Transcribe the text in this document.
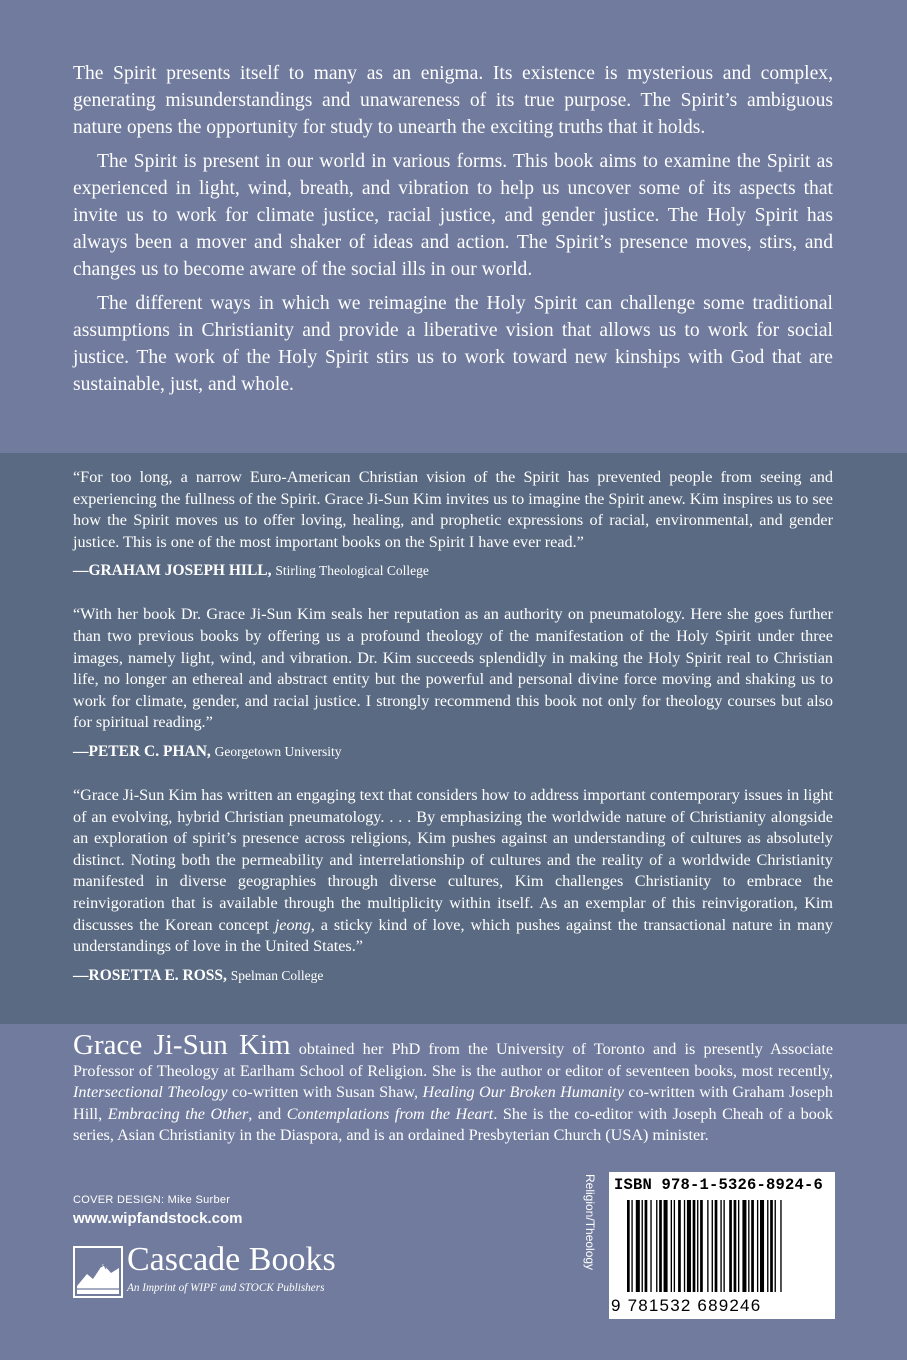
The Spirit presents itself to many as an enigma. Its existence is mysterious and complex, generating misunderstandings and unawareness of its true purpose. The Spirit’s ambiguous nature opens the opportunity for study to unearth the exciting truths that it holds.

The Spirit is present in our world in various forms. This book aims to examine the Spirit as experienced in light, wind, breath, and vibration to help us uncover some of its aspects that invite us to work for climate justice, racial justice, and gender justice. The Holy Spirit has always been a mover and shaker of ideas and action. The Spirit’s presence moves, stirs, and changes us to become aware of the social ills in our world.

The different ways in which we reimagine the Holy Spirit can challenge some traditional assumptions in Christianity and provide a liberative vision that allows us to work for social justice. The work of the Holy Spirit stirs us to work toward new kinships with God that are sustainable, just, and whole.

“For too long, a narrow Euro-American Christian vision of the Spirit has prevented people from seeing and experiencing the fullness of the Spirit. Grace Ji-Sun Kim invites us to imagine the Spirit anew. Kim inspires us to see how the Spirit moves us to offer loving, healing, and prophetic expressions of racial, environmental, and gender justice. This is one of the most important books on the Spirit I have ever read.”

—GRAHAM JOSEPH HILL, Stirling Theological College

“With her book Dr. Grace Ji-Sun Kim seals her reputation as an authority on pneumatology. Here she goes further than two previous books by offering us a profound theology of the manifestation of the Holy Spirit under three images, namely light, wind, and vibration. Dr. Kim succeeds splendidly in making the Holy Spirit real to Christian life, no longer an ethereal and abstract entity but the powerful and personal divine force moving and shaking us to work for climate, gender, and racial justice. I strongly recommend this book not only for theology courses but also for spiritual reading.”

—PETER C. PHAN, Georgetown University

“Grace Ji-Sun Kim has written an engaging text that considers how to address important contemporary issues in light of an evolving, hybrid Christian pneumatology. . . . By emphasizing the worldwide nature of Christianity alongside an exploration of spirit’s presence across religions, Kim pushes against an understanding of cultures as absolutely distinct. Noting both the permeability and interrelationship of cultures and the reality of a worldwide Christianity manifested in diverse geographies through diverse cultures, Kim challenges Christianity to embrace the reinvigoration that is available through the multiplicity within itself. As an exemplar of this reinvigoration, Kim discusses the Korean concept jeong, a sticky kind of love, which pushes against the transactional nature in many understandings of love in the United States.”

—ROSETTA E. ROSS, Spelman College

Grace Ji-Sun Kim obtained her PhD from the University of Toronto and is presently Associate Professor of Theology at Earlham School of Religion. She is the author or editor of seventeen books, most recently, Intersectional Theology co-written with Susan Shaw, Healing Our Broken Humanity co-written with Graham Joseph Hill, Embracing the Other, and Contemplations from the Heart. She is the co-editor with Joseph Cheah of a book series, Asian Christianity in the Diaspora, and is an ordained Presbyterian Church (USA) minister.

COVER DESIGN: Mike Surber
www.wipfandstock.com
Cascade Books
An Imprint of WIPF and STOCK Publishers
Religion/Theology ISBN 978-1-5326-8924-6
9 781532 689246
